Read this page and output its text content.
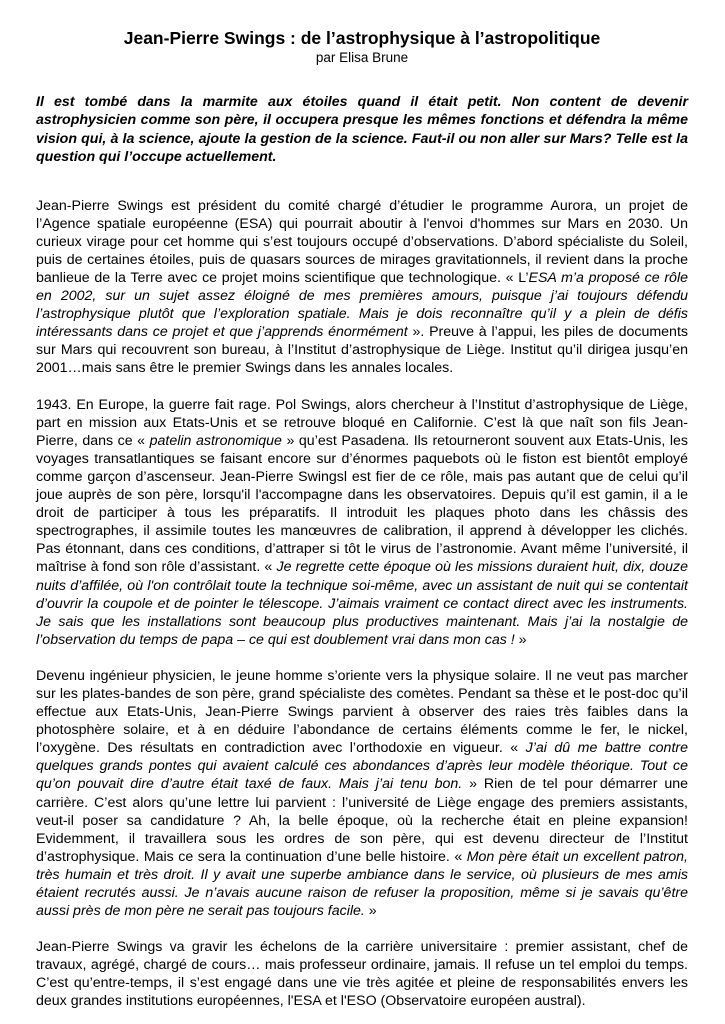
Jean-Pierre Swings : de l’astrophysique à l’astropolitique

par Elisa Brune

Il est tombé dans la marmite aux étoiles quand il était petit. Non content de devenir astrophysicien comme son père, il occupera presque les mêmes fonctions et défendra la même vision qui, à la science, ajoute la gestion de la science. Faut-il ou non aller sur Mars? Telle est la question qui l’occupe actuellement.

Jean-Pierre Swings est président du comité chargé d’étudier le programme Aurora, un projet de l’Agence spatiale européenne (ESA) qui pourrait aboutir à l'envoi d'hommes sur Mars en 2030. Un curieux virage pour cet homme qui s’est toujours occupé d’observations. D’abord spécialiste du Soleil, puis de certaines étoiles, puis de quasars sources de mirages gravitationnels, il revient dans la proche banlieue de la Terre avec ce projet moins scientifique que technologique. « L’ESA m’a proposé ce rôle en 2002, sur un sujet assez éloigné de mes premières amours, puisque j’ai toujours défendu l’astrophysique plutôt que l’exploration spatiale. Mais je dois reconnaître qu’il y a plein de défis intéressants dans ce projet et que j’apprends énormément ». Preuve à l’appui, les piles de documents sur Mars qui recouvrent son bureau, à l’Institut d’astrophysique de Liège. Institut qu’il dirigea jusqu’en 2001…mais sans être le premier Swings dans les annales locales.

1943. En Europe, la guerre fait rage. Pol Swings, alors chercheur à l’Institut d’astrophysique de Liège, part en mission aux Etats-Unis et se retrouve bloqué en Californie. C’est là que naît son fils Jean-Pierre, dans ce « patelin astronomique » qu’est Pasadena. Ils retourneront souvent aux Etats-Unis, les voyages transatlantiques se faisant encore sur d’énormes paquebots où le fiston est bientôt employé comme garçon d’ascenseur. Jean-Pierre Swingsl est fier de ce rôle, mais pas autant que de celui qu’il joue auprès de son père, lorsqu'il l'accompagne dans les observatoires. Depuis qu’il est gamin, il a le droit de participer à tous les préparatifs. Il introduit les plaques photo dans les châssis des spectrographes, il assimile toutes les manœuvres de calibration, il apprend à développer les clichés. Pas étonnant, dans ces conditions, d’attraper si tôt le virus de l’astronomie. Avant même l’université, il maîtrise à fond son rôle d’assistant. « Je regrette cette époque où les missions duraient huit, dix, douze nuits d’affilée, où l'on contrôlait toute la technique soi-même, avec un assistant de nuit qui se contentait d’ouvrir la coupole et de pointer le télescope. J’aimais vraiment ce contact direct avec les instruments. Je sais que les installations sont beaucoup plus productives maintenant. Mais j’ai la nostalgie de l’observation du temps de papa – ce qui est doublement vrai dans mon cas ! »

Devenu ingénieur physicien, le jeune homme s’oriente vers la physique solaire. Il ne veut pas marcher sur les plates-bandes de son père, grand spécialiste des comètes. Pendant sa thèse et le post-doc qu’il effectue aux Etats-Unis, Jean-Pierre Swings parvient à observer des raies très faibles dans la photosphère solaire, et à en déduire l’abondance de certains éléments comme le fer, le nickel, l’oxygène. Des résultats en contradiction avec l’orthodoxie en vigueur. « J’ai dû me battre contre quelques grands pontes qui avaient calculé ces abondances d’après leur modèle théorique. Tout ce qu’on pouvait dire d’autre était taxé de faux. Mais j’ai tenu bon. » Rien de tel pour démarrer une carrière. C’est alors qu’une lettre lui parvient : l’université de Liège engage des premiers assistants, veut-il poser sa candidature ? Ah, la belle époque, où la recherche était en pleine expansion! Evidemment, il travaillera sous les ordres de son père, qui est devenu directeur de l’Institut d’astrophysique. Mais ce sera la continuation d’une belle histoire. « Mon père était un excellent patron, très humain et très droit. Il y avait une superbe ambiance dans le service, où plusieurs de mes amis étaient recrutés aussi. Je n’avais aucune raison de refuser la proposition, même si je savais qu’être aussi près de mon père ne serait pas toujours facile. »

Jean-Pierre Swings va gravir les échelons de la carrière universitaire : premier assistant, chef de travaux, agrégé, chargé de cours… mais professeur ordinaire, jamais. Il refuse un tel emploi du temps. C’est qu’entre-temps, il s’est engagé dans une vie très agitée et pleine de responsabilités envers les deux grandes institutions européennes, l'ESA et l'ESO (Observatoire européen austral).
